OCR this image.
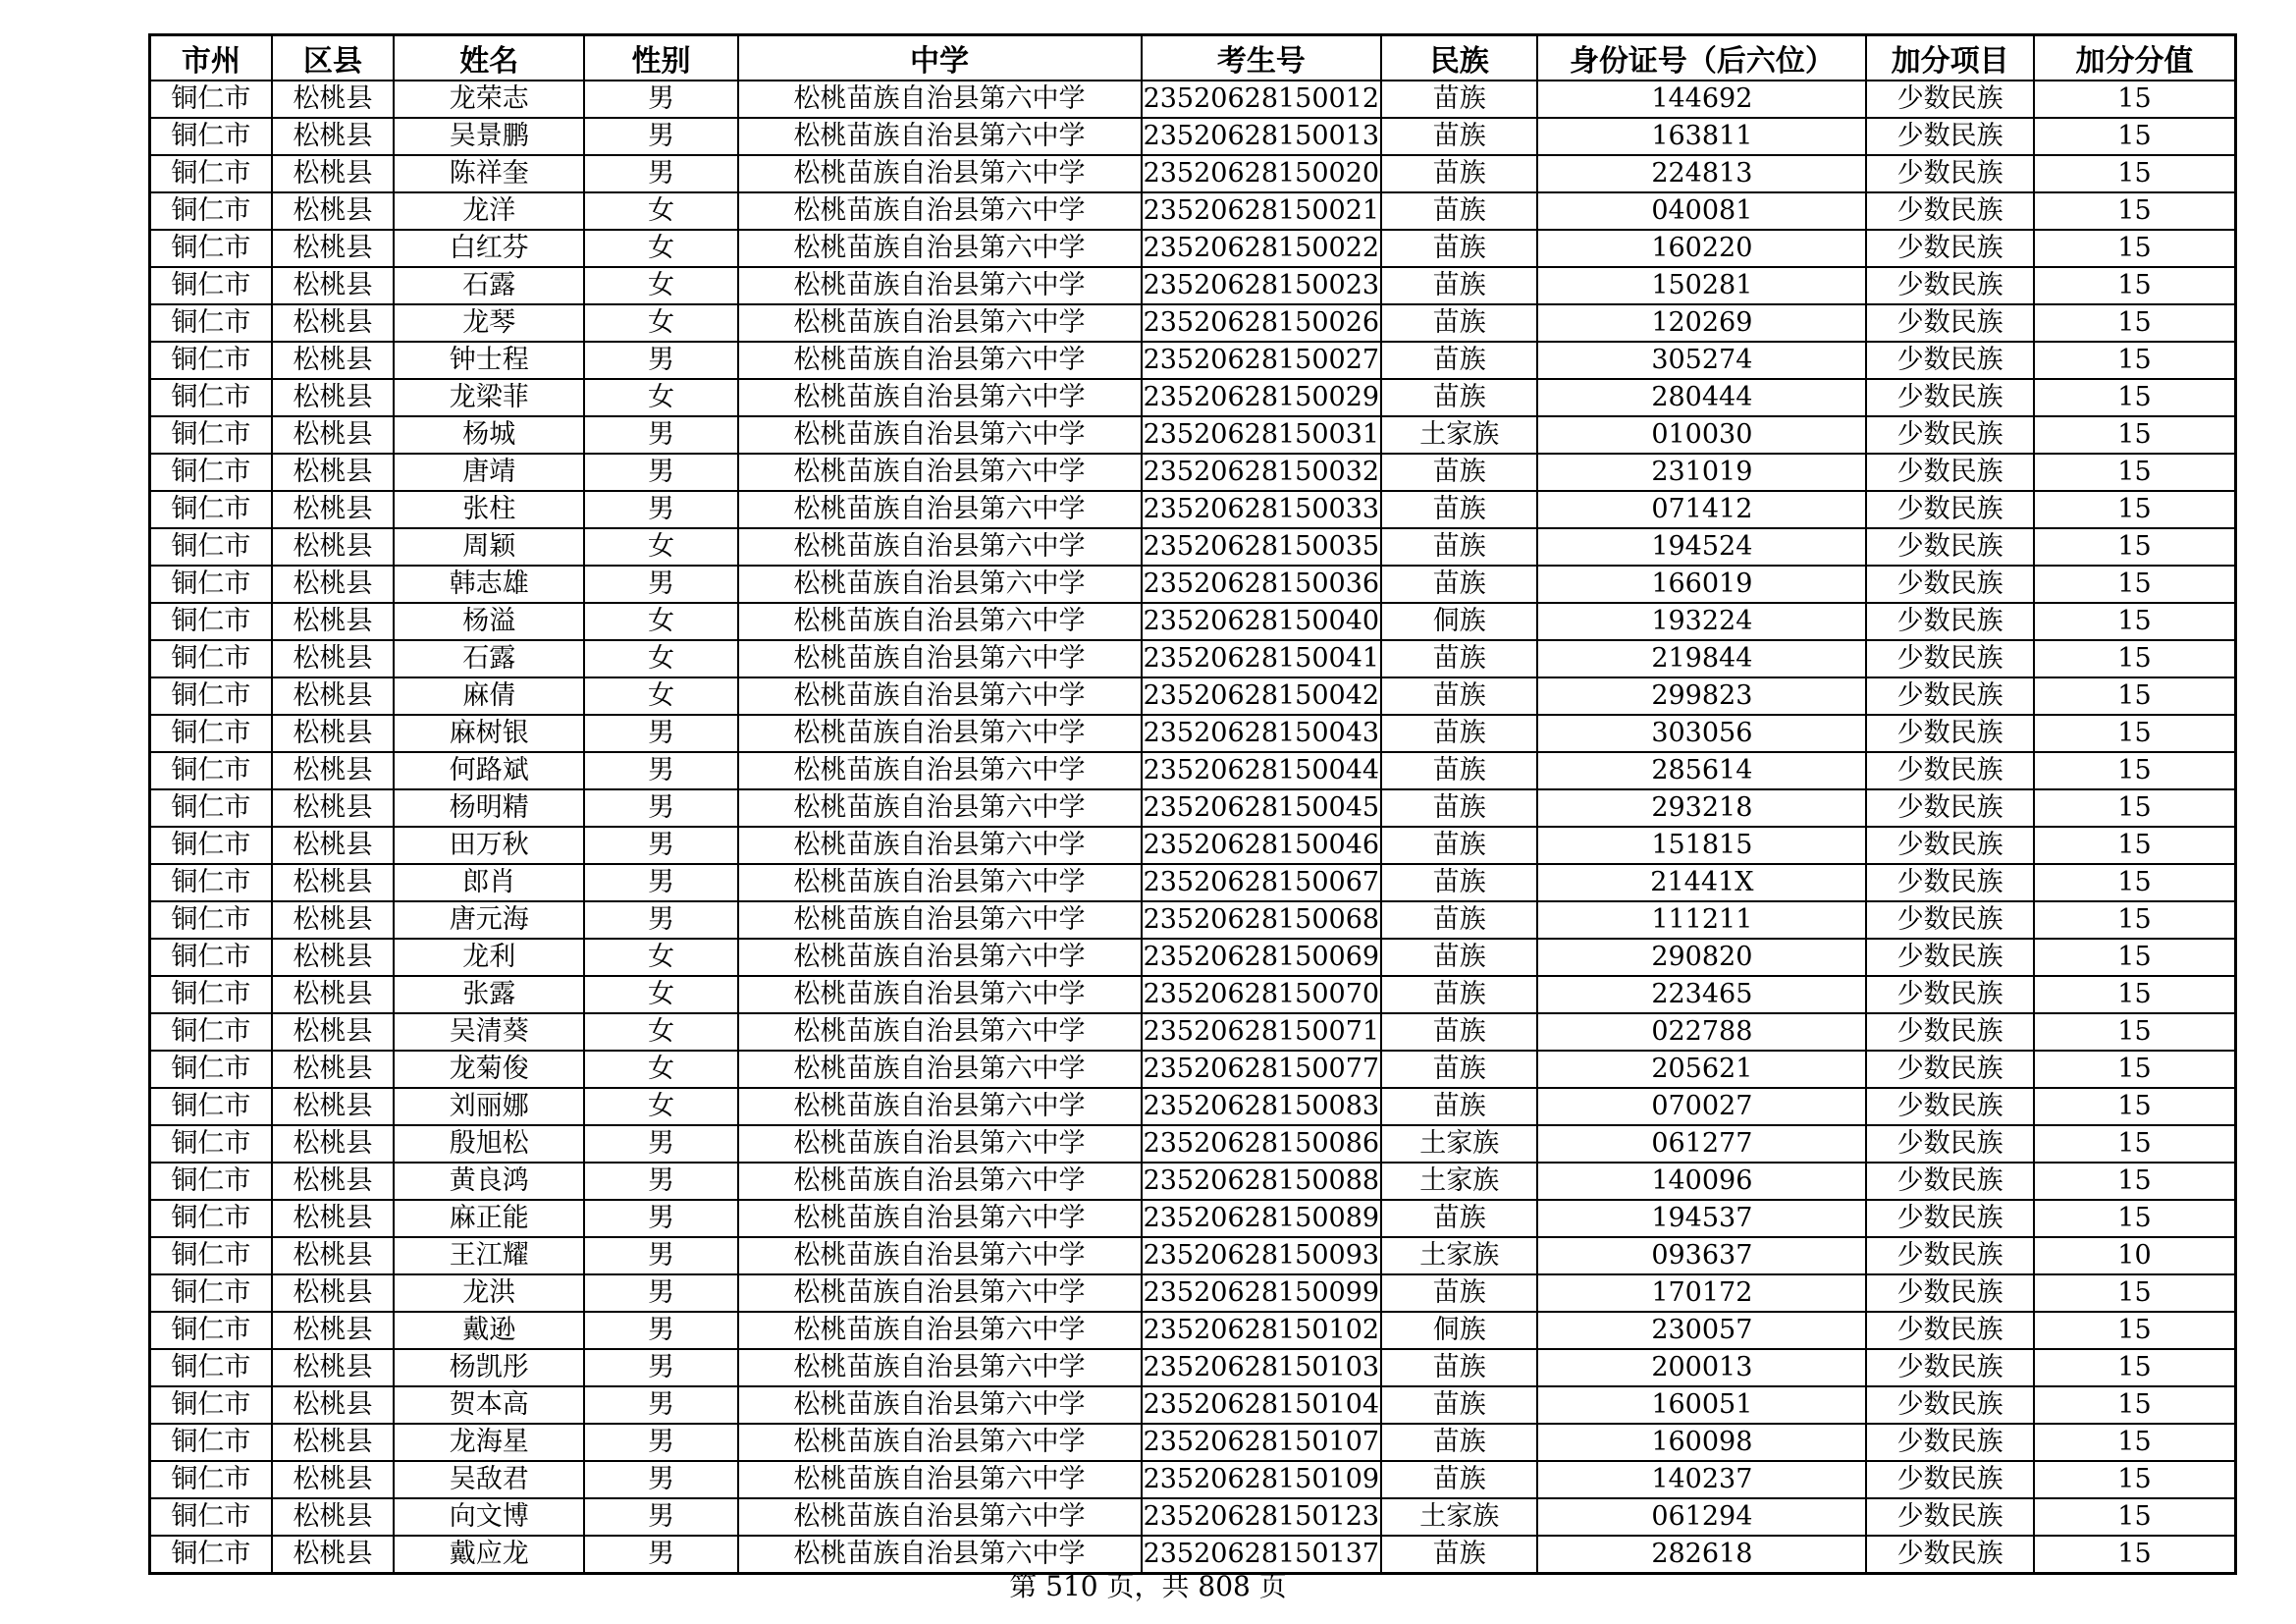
市州	区县	姓名	性别	中学	考生号	民族	身份证号（后六位）	加分项目	加分分值
铜仁市	松桃县	龙荣志	男	松桃苗族自治县第六中学	23520628150012	苗族	144692	少数民族	15
铜仁市	松桃县	吴景鹏	男	松桃苗族自治县第六中学	23520628150013	苗族	163811	少数民族	15
铜仁市	松桃县	陈祥奎	男	松桃苗族自治县第六中学	23520628150020	苗族	224813	少数民族	15
铜仁市	松桃县	龙洋	女	松桃苗族自治县第六中学	23520628150021	苗族	040081	少数民族	15
铜仁市	松桃县	白红芬	女	松桃苗族自治县第六中学	23520628150022	苗族	160220	少数民族	15
铜仁市	松桃县	石露	女	松桃苗族自治县第六中学	23520628150023	苗族	150281	少数民族	15
铜仁市	松桃县	龙琴	女	松桃苗族自治县第六中学	23520628150026	苗族	120269	少数民族	15
铜仁市	松桃县	钟士程	男	松桃苗族自治县第六中学	23520628150027	苗族	305274	少数民族	15
铜仁市	松桃县	龙梁菲	女	松桃苗族自治县第六中学	23520628150029	苗族	280444	少数民族	15
铜仁市	松桃县	杨城	男	松桃苗族自治县第六中学	23520628150031	土家族	010030	少数民族	15
铜仁市	松桃县	唐靖	男	松桃苗族自治县第六中学	23520628150032	苗族	231019	少数民族	15
铜仁市	松桃县	张柱	男	松桃苗族自治县第六中学	23520628150033	苗族	071412	少数民族	15
铜仁市	松桃县	周颖	女	松桃苗族自治县第六中学	23520628150035	苗族	194524	少数民族	15
铜仁市	松桃县	韩志雄	男	松桃苗族自治县第六中学	23520628150036	苗族	166019	少数民族	15
铜仁市	松桃县	杨溢	女	松桃苗族自治县第六中学	23520628150040	侗族	193224	少数民族	15
铜仁市	松桃县	石露	女	松桃苗族自治县第六中学	23520628150041	苗族	219844	少数民族	15
铜仁市	松桃县	麻倩	女	松桃苗族自治县第六中学	23520628150042	苗族	299823	少数民族	15
铜仁市	松桃县	麻树银	男	松桃苗族自治县第六中学	23520628150043	苗族	303056	少数民族	15
铜仁市	松桃县	何路斌	男	松桃苗族自治县第六中学	23520628150044	苗族	285614	少数民族	15
铜仁市	松桃县	杨明精	男	松桃苗族自治县第六中学	23520628150045	苗族	293218	少数民族	15
铜仁市	松桃县	田万秋	男	松桃苗族自治县第六中学	23520628150046	苗族	151815	少数民族	15
铜仁市	松桃县	郎肖	男	松桃苗族自治县第六中学	23520628150067	苗族	21441X	少数民族	15
铜仁市	松桃县	唐元海	男	松桃苗族自治县第六中学	23520628150068	苗族	111211	少数民族	15
铜仁市	松桃县	龙利	女	松桃苗族自治县第六中学	23520628150069	苗族	290820	少数民族	15
铜仁市	松桃县	张露	女	松桃苗族自治县第六中学	23520628150070	苗族	223465	少数民族	15
铜仁市	松桃县	吴清葵	女	松桃苗族自治县第六中学	23520628150071	苗族	022788	少数民族	15
铜仁市	松桃县	龙菊俊	女	松桃苗族自治县第六中学	23520628150077	苗族	205621	少数民族	15
铜仁市	松桃县	刘丽娜	女	松桃苗族自治县第六中学	23520628150083	苗族	070027	少数民族	15
铜仁市	松桃县	殷旭松	男	松桃苗族自治县第六中学	23520628150086	土家族	061277	少数民族	15
铜仁市	松桃县	黄良鸿	男	松桃苗族自治县第六中学	23520628150088	土家族	140096	少数民族	15
铜仁市	松桃县	麻正能	男	松桃苗族自治县第六中学	23520628150089	苗族	194537	少数民族	15
铜仁市	松桃县	王江耀	男	松桃苗族自治县第六中学	23520628150093	土家族	093637	少数民族	10
铜仁市	松桃县	龙洪	男	松桃苗族自治县第六中学	23520628150099	苗族	170172	少数民族	15
铜仁市	松桃县	戴逊	男	松桃苗族自治县第六中学	23520628150102	侗族	230057	少数民族	15
铜仁市	松桃县	杨凯彤	男	松桃苗族自治县第六中学	23520628150103	苗族	200013	少数民族	15
铜仁市	松桃县	贺本高	男	松桃苗族自治县第六中学	23520628150104	苗族	160051	少数民族	15
铜仁市	松桃县	龙海星	男	松桃苗族自治县第六中学	23520628150107	苗族	160098	少数民族	15
铜仁市	松桃县	吴敌君	男	松桃苗族自治县第六中学	23520628150109	苗族	140237	少数民族	15
铜仁市	松桃县	向文博	男	松桃苗族自治县第六中学	23520628150123	土家族	061294	少数民族	15
铜仁市	松桃县	戴应龙	男	松桃苗族自治县第六中学	23520628150137	苗族	282618	少数民族	15
第 510 页，共 808 页
